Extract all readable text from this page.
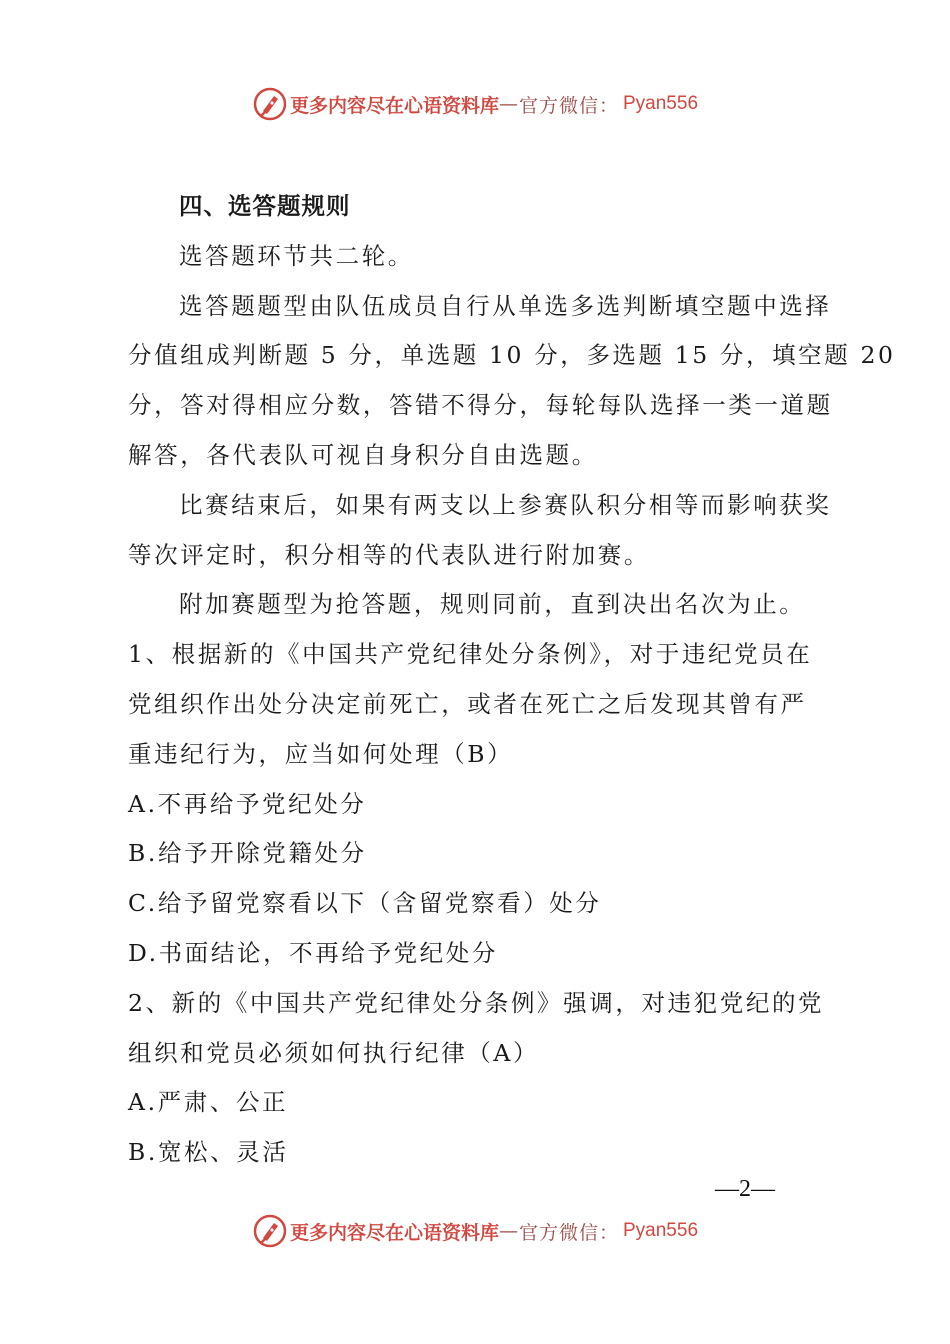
更多内容尽在心语资料库 — 官方微信： Pyan556
四、选答题规则
选答题环节共二轮。
选答题题型由队伍成员自行从单选多选判断填空题中选择
分值组成判断题 5 分，单选题 10 分，多选题 15 分，填空题 20
分，答对得相应分数，答错不得分，每轮每队选择一类一道题
解答，各代表队可视自身积分自由选题。
比赛结束后，如果有两支以上参赛队积分相等而影响获奖
等次评定时，积分相等的代表队进行附加赛。
附加赛题型为抢答题，规则同前，直到决出名次为止。
1、根据新的《中国共产党纪律处分条例》，对于违纪党员在
党组织作出处分决定前死亡，或者在死亡之后发现其曾有严
重违纪行为，应当如何处理（B）
A.不再给予党纪处分
B.给予开除党籍处分
C.给予留党察看以下（含留党察看）处分
D.书面结论，不再给予党纪处分
2、新的《中国共产党纪律处分条例》强调，对违犯党纪的党
组织和党员必须如何执行纪律（A）
A.严肃、公正
B.宽松、灵活
—2—
更多内容尽在心语资料库 — 官方微信： Pyan556
